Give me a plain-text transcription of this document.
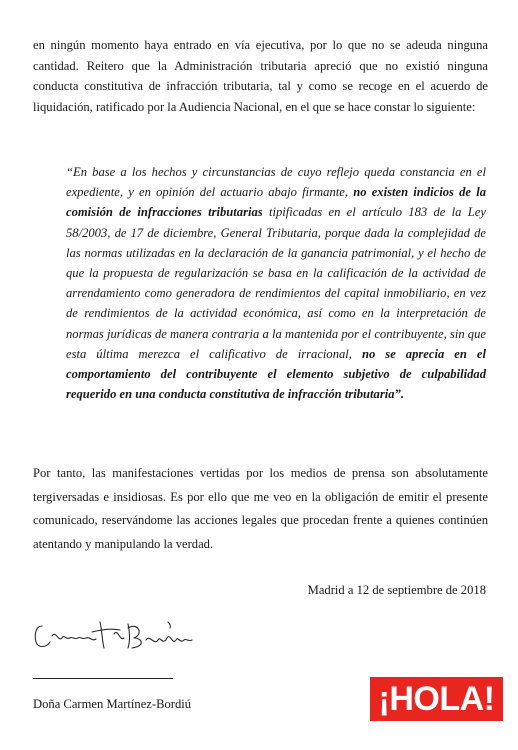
en ningún momento haya entrado en vía ejecutiva, por lo que no se adeuda ninguna cantidad. Reitero que la Administración tributaria apreció que no existió ninguna conducta constitutiva de infracción tributaria, tal y como se recoge en el acuerdo de liquidación, ratificado por la Audiencia Nacional, en el que se hace constar lo siguiente:

“En base a los hechos y circunstancias de cuyo reflejo queda constancia en el expediente, y en opinión del actuario abajo firmante, no existen indicios de la comisión de infracciones tributarias tipificadas en el artículo 183 de la Ley 58/2003, de 17 de diciembre, General Tributaria, porque dada la complejidad de las normas utilizadas en la declaración de la ganancia patrimonial, y el hecho de que la propuesta de regularización se basa en la calificación de la actividad de arrendamiento como generadora de rendimientos del capital inmobiliario, en vez de rendimientos de la actividad económica, así como en la interpretación de normas jurídicas de manera contraria a la mantenida por el contribuyente, sin que esta última merezca el calificativo de irracional, no se aprecia en el comportamiento del contribuyente el elemento subjetivo de culpabilidad requerido en una conducta constitutiva de infracción tributaria”.

Por tanto, las manifestaciones vertidas por los medios de prensa son absolutamente tergiversadas e insidiosas. Es por ello que me veo en la obligación de emitir el presente comunicado, reservándome las acciones legales que procedan frente a quienes continúen atentando y manipulando la verdad.

Madrid a 12 de septiembre de 2018

Doña Carmen Martínez-Bordiú	¡HOLA!
